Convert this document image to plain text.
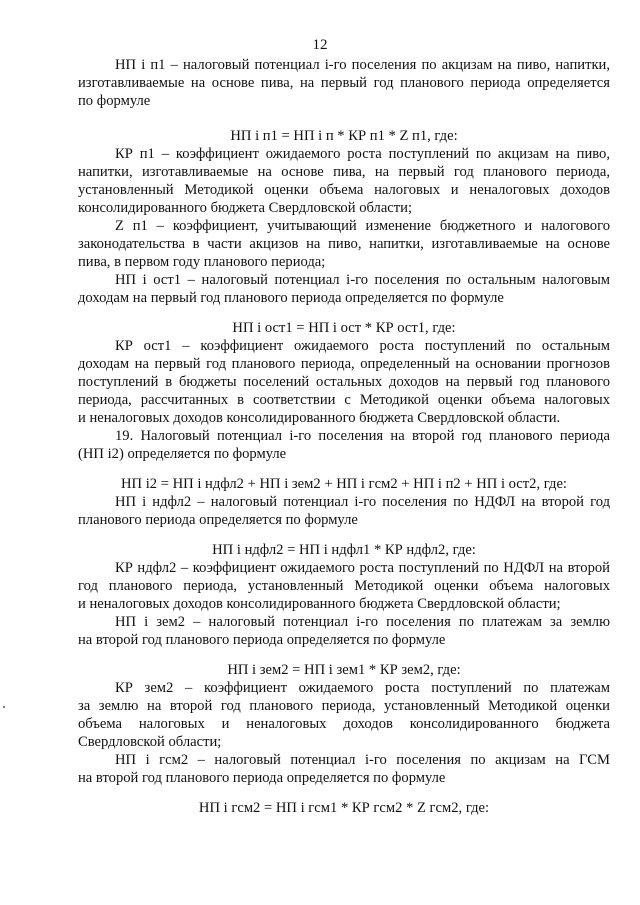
12
НП i п1 – налоговый потенциал i-го поселения по акцизам на пиво, напитки,
изготавливаемые на основе пива, на первый год планового периода определяется
по формуле
НП i п1 = НП i п * КР п1 * Z п1, где:
КР п1 – коэффициент ожидаемого роста поступлений по акцизам на пиво,
напитки, изготавливаемые на основе пива, на первый год планового периода,
установленный Методикой оценки объема налоговых и неналоговых доходов
консолидированного бюджета Свердловской области;
Z п1 – коэффициент, учитывающий изменение бюджетного и налогового
законодательства в части акцизов на пиво, напитки, изготавливаемые на основе
пива, в первом году планового периода;
НП i ост1 – налоговый потенциал i-го поселения по остальным налоговым
доходам на первый год планового периода определяется по формуле
НП i ост1 = НП i ост * КР ост1, где:
КР ост1 – коэффициент ожидаемого роста поступлений по остальным
доходам на первый год планового периода, определенный на основании прогнозов
поступлений в бюджеты поселений остальных доходов на первый год планового
периода, рассчитанных в соответствии с Методикой оценки объема налоговых
и неналоговых доходов консолидированного бюджета Свердловской области.
19. Налоговый потенциал i-го поселения на второй год планового периода
(НП i2) определяется по формуле
НП i2 = НП i ндфл2 + НП i зем2 + НП i гсм2 + НП i п2 + НП i ост2, где:
НП i ндфл2 – налоговый потенциал i-го поселения по НДФЛ на второй год
планового периода определяется по формуле
НП i ндфл2 = НП i ндфл1 * КР ндфл2, где:
КР ндфл2 – коэффициент ожидаемого роста поступлений по НДФЛ на второй
год планового периода, установленный Методикой оценки объема налоговых
и неналоговых доходов консолидированного бюджета Свердловской области;
НП i зем2 – налоговый потенциал i-го поселения по платежам за землю
на второй год планового периода определяется по формуле
НП i зем2 = НП i зем1 * КР зем2, где:
КР зем2 – коэффициент ожидаемого роста поступлений по платежам
за землю на второй год планового периода, установленный Методикой оценки
объема налоговых и неналоговых доходов консолидированного бюджета
Свердловской области;
НП i гсм2 – налоговый потенциал i-го поселения по акцизам на ГСМ
на второй год планового периода определяется по формуле
НП i гсм2 = НП i гсм1 * КР гсм2 * Z гсм2, где:
